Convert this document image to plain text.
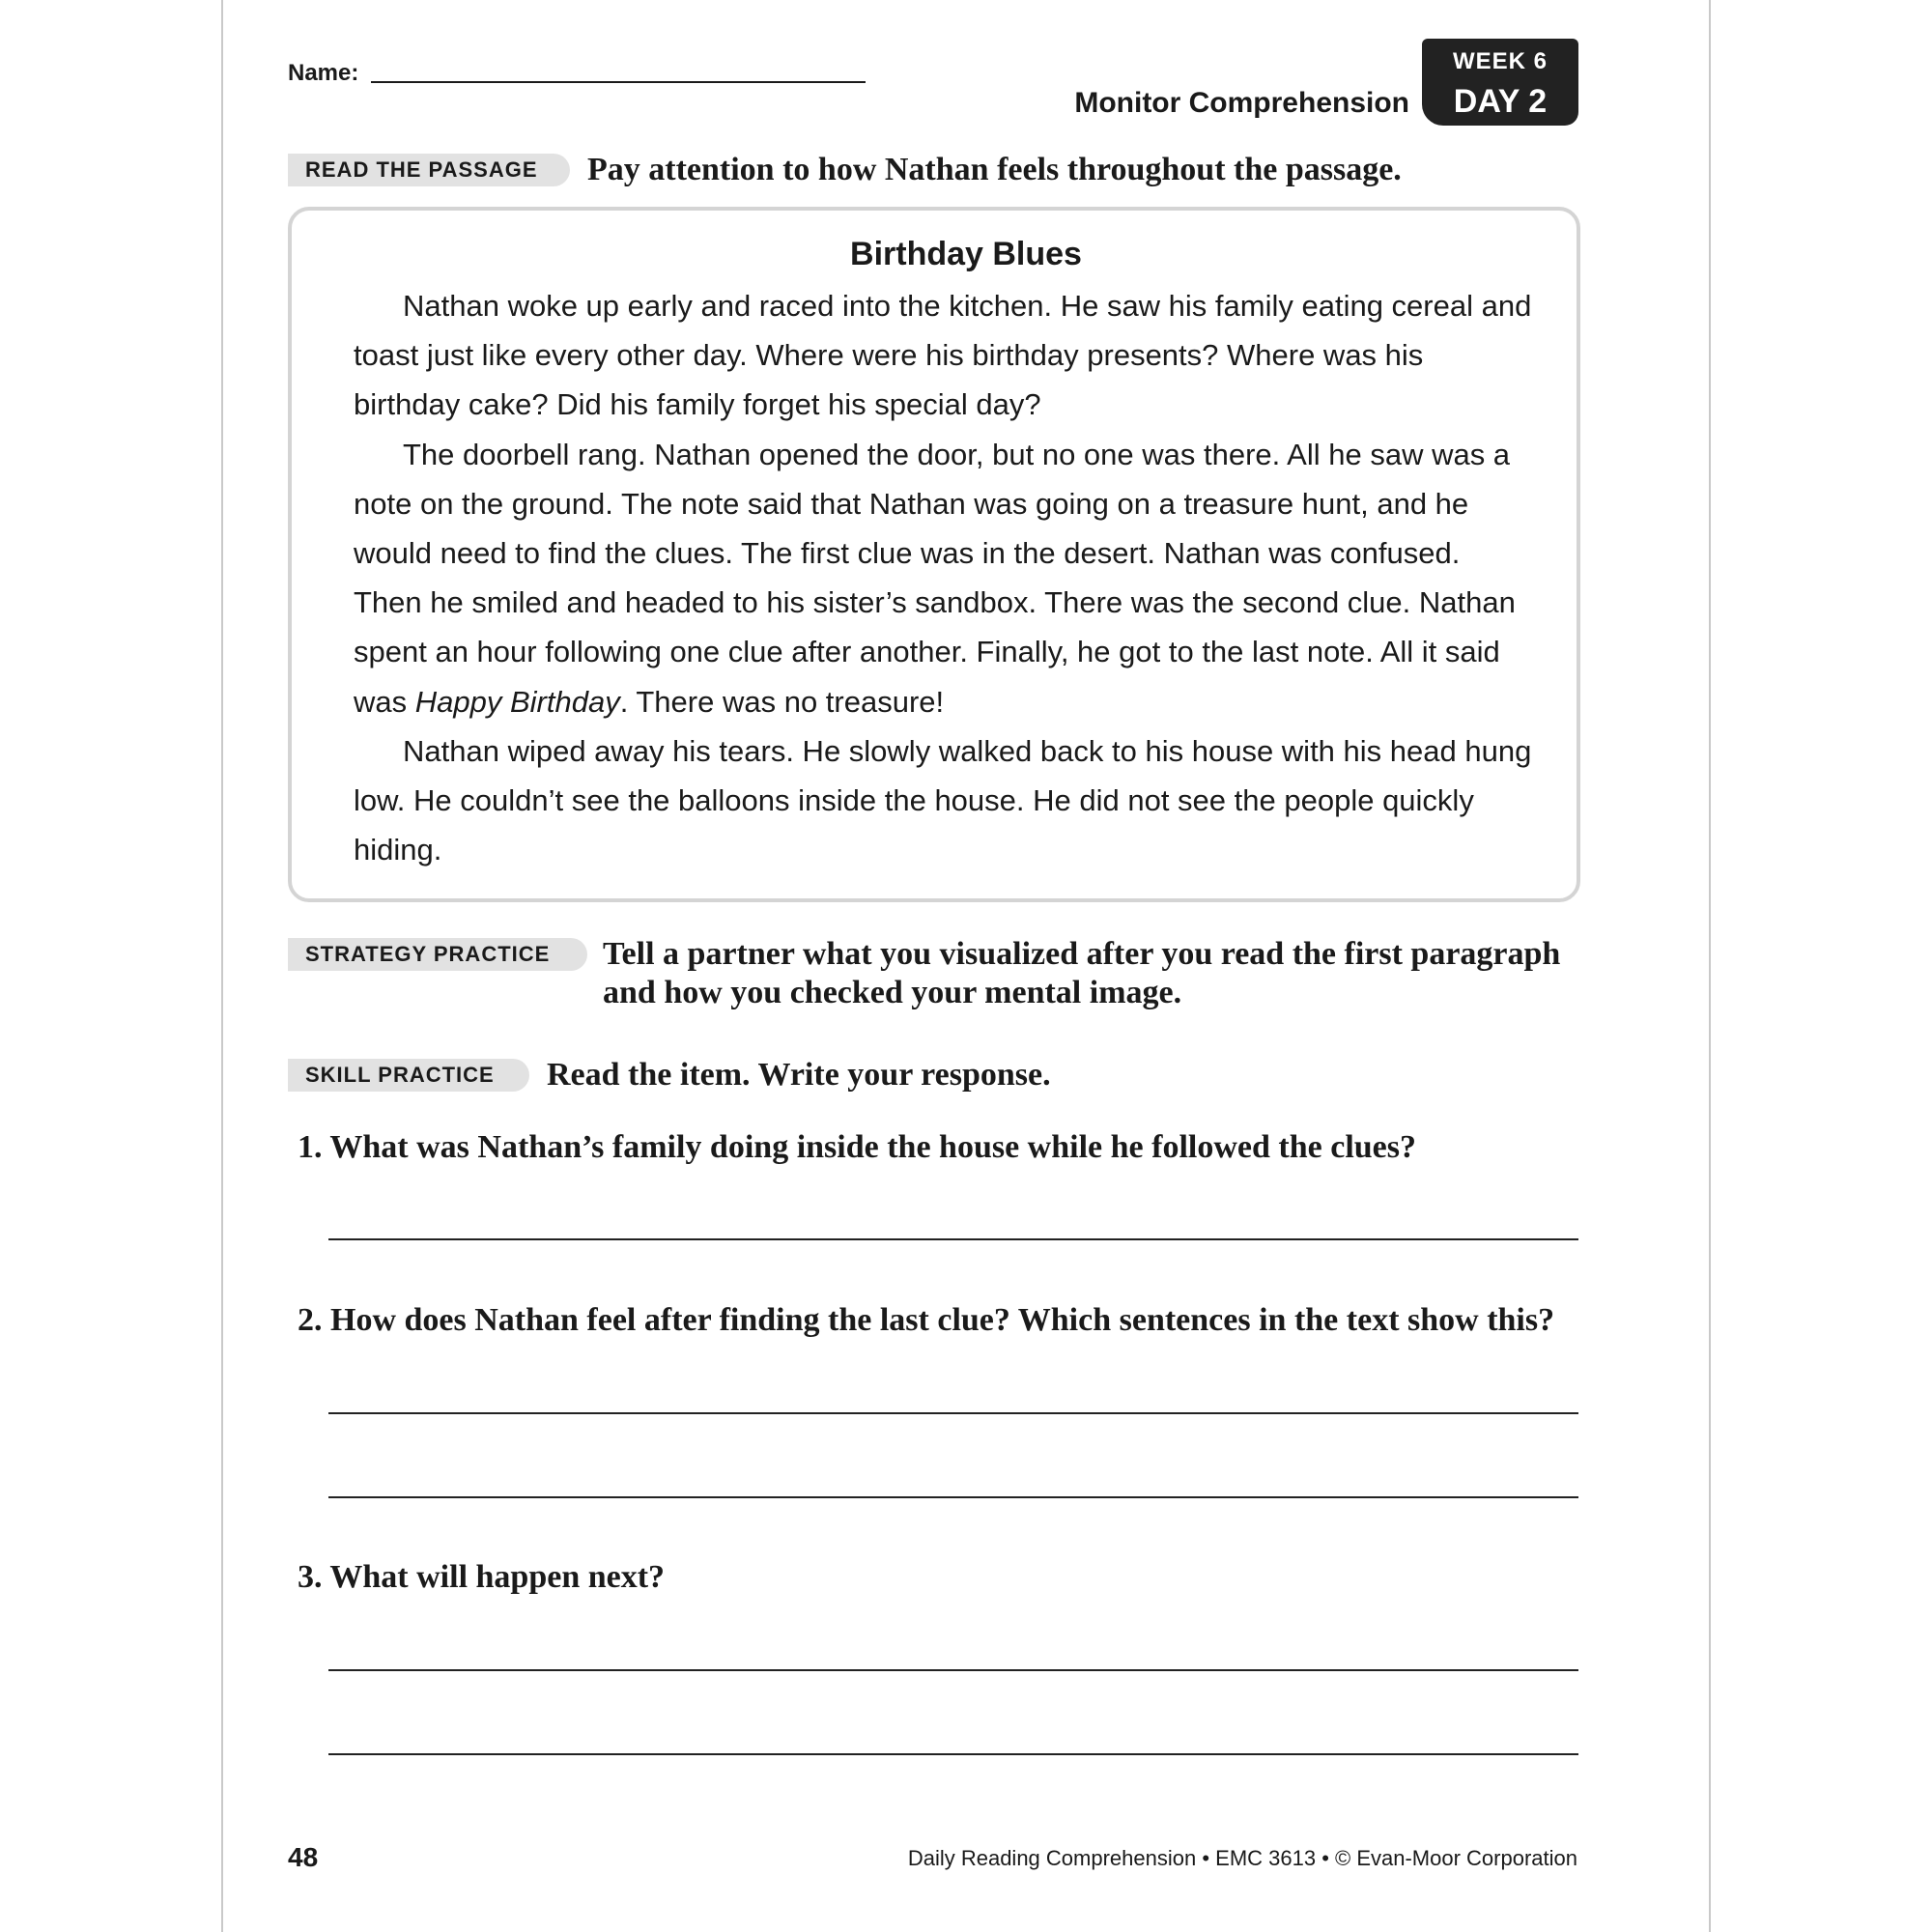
Name:
Monitor Comprehension
WEEK 6
DAY 2
READ THE PASSAGE	Pay attention to how Nathan feels throughout the passage.
Birthday Blues

Nathan woke up early and raced into the kitchen. He saw his family eating cereal and toast just like every other day. Where were his birthday presents? Where was his birthday cake? Did his family forget his special day?

The doorbell rang. Nathan opened the door, but no one was there. All he saw was a note on the ground. The note said that Nathan was going on a treasure hunt, and he would need to find the clues. The first clue was in the desert. Nathan was confused. Then he smiled and headed to his sister’s sandbox. There was the second clue. Nathan spent an hour following one clue after another. Finally, he got to the last note. All it said was Happy Birthday. There was no treasure!

Nathan wiped away his tears. He slowly walked back to his house with his head hung low. He couldn’t see the balloons inside the house. He did not see the people quickly hiding.

STRATEGY PRACTICE	Tell a partner what you visualized after you read the first paragraph
and how you checked your mental image.
SKILL PRACTICE	Read the item. Write your response.
1. What was Nathan’s family doing inside the house while he followed the clues?
2. How does Nathan feel after finding the last clue? Which sentences in the text show this?
3. What will happen next?
48	Daily Reading Comprehension • EMC 3613 • © Evan-Moor Corporation
